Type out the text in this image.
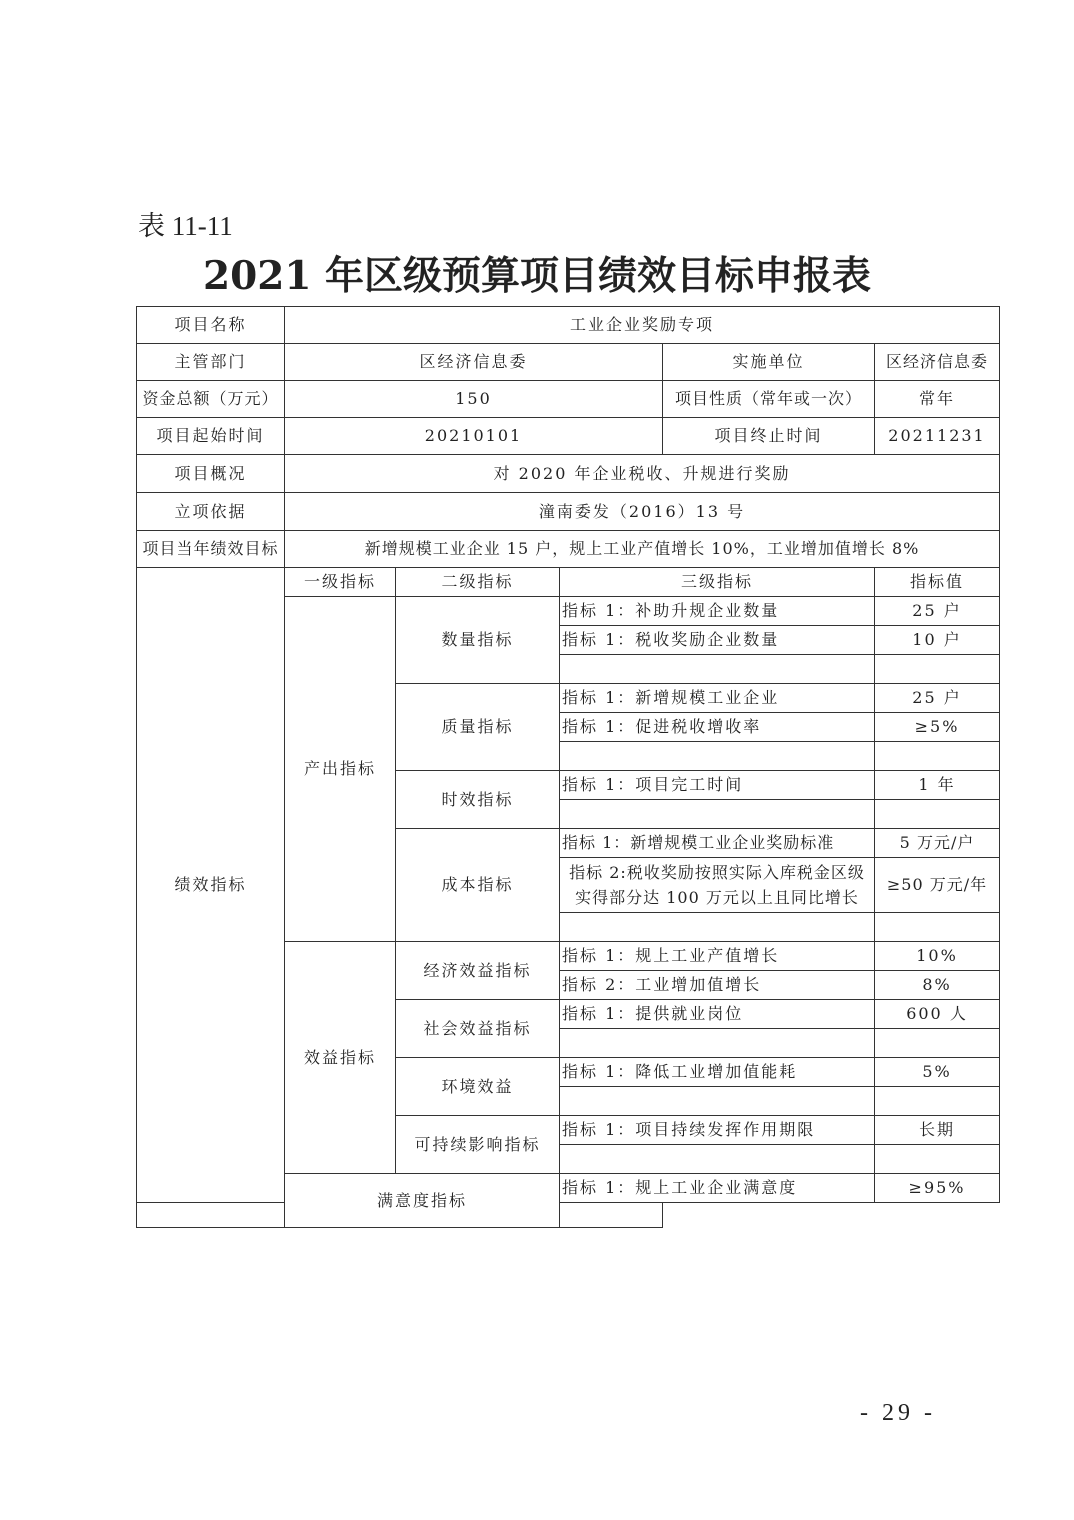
表 11-11
2021 年区级预算项目绩效目标申报表
项目名称	工业企业奖励专项				
主管部门	区经济信息委			实施单位	区经济信息委
资金总额（万元）	150			项目性质（常年或一次）	常年
项目起始时间	20210101			项目终止时间	20211231
项目概况	对 2020 年企业税收、升规进行奖励				
立项依据	潼南委发（2016）13 号				
项目当年绩效目标	新增规模工业企业 15 户，规上工业产值增长 10%，工业增加值增长 8%				
绩效指标	一级指标	二级指标	三级指标		指标值
	产出指标	数量指标	指标 1：补助升规企业数量		25 户
			指标 1：税收奖励企业数量		10 户

		质量指标	指标 1：新增规模工业企业		25 户
			指标 1：促进税收增收率		≥5%

		时效指标	指标 1：项目完工时间		1 年

		成本指标	指标 1：新增规模工业企业奖励标准		5 万元/户
			指标 2:税收奖励按照实际入库税金区级实得部分达 100 万元以上且同比增长		≥50 万元/年

	效益指标	经济效益指标	指标 1：规上工业产值增长		10%
			指标 2：工业增加值增长		8%
		社会效益指标	指标 1：提供就业岗位		600 人

		环境效益	指标 1：降低工业增加值能耗		5%

		可持续影响指标	指标 1：项目持续发挥作用期限		长期

	满意度指标		指标 1：规上工业企业满意度		≥95%

- 29 -
